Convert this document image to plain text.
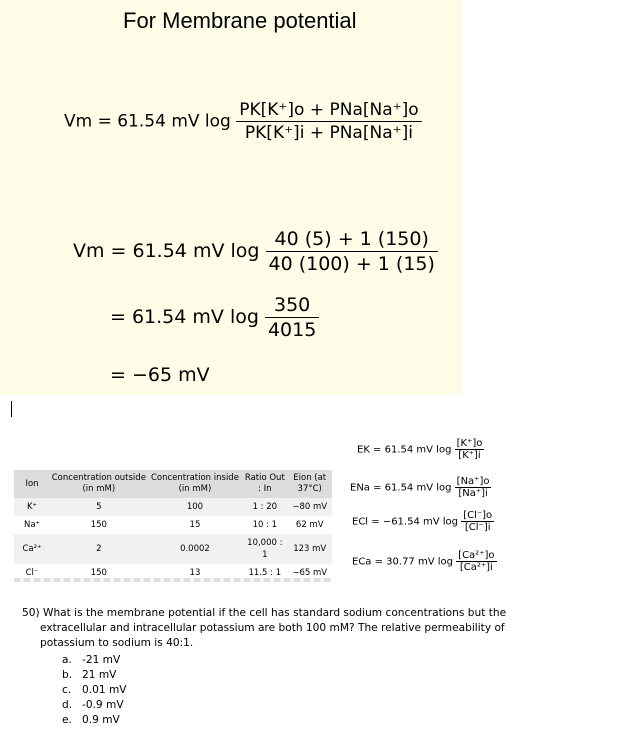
For Membrane potential
Vm = 61.54 mV $\log \frac{\text{PK[K⁺]o + PNa[Na⁺]o}}{\text{PK[K⁺]i + PNa[Na⁺]i}}$
Vm = 61.54 mV $\log \frac{40 (5) + 1 (150)}{40 (100) + 1 (15)}$
= 61.54 mV $\log \frac{350}{4015}$
= −65 mV
Ion	Concentration outside (in mM)	Concentration inside (in mM)	Ratio Out : In	Eion (at 37°C)
K⁺	5	100	1 : 20	−80 mV
Na⁺	150	15	10 : 1	62 mV
Ca²⁺	2	0.0002	10,000 : 1	123 mV
Cl⁻	150	13	11.5 : 1	−65 mV
EK = 61.54 mV $\log \frac{[K^+]o}{[K^+]i}$
ENa = 61.54 mV $\log \frac{[Na^+]o}{[Na^+]i}$
ECl = −61.54 mV $\log \frac{[Cl^-]o}{[Cl^-]i}$
ECa = 30.77 mV $\log \frac{\text{[Ca²⁺]o}}{\text{[Ca²⁺]i}}$
50) What is the membrane potential if the cell has standard sodium concentrations but the extracellular and intracellular potassium are both 100 mM? The relative permeability of potassium to sodium is 40:1.
a. -21 mV
b. 21 mV
c. 0.01 mV
d. -0.9 mV
e. 0.9 mV
